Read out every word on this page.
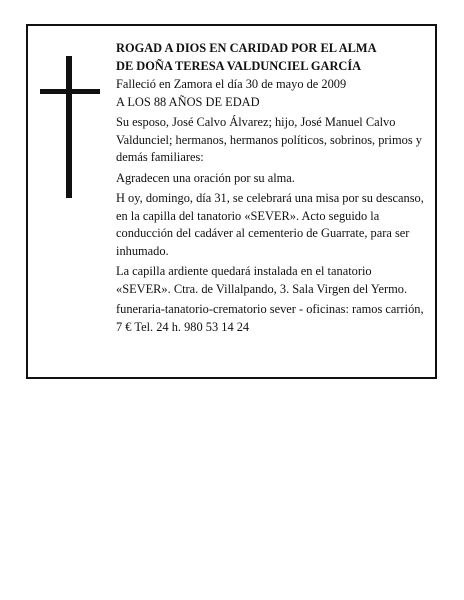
ROGAD A DIOS EN CARIDAD POR EL ALMA

DE DOÑA TERESA VALDUNCIEL GARCÍA

Falleció en Zamora el día 30 de mayo de 2009

A LOS 88 AÑOS DE EDAD

Su esposo, José Calvo Álvarez; hijo, José Manuel Calvo Valdunciel; hermanos, hermanos políticos, sobrinos, primos y demás familiares:

Agradecen una oración por su alma.

H oy, domingo, día 31, se celebrará una misa por su descanso, en la capilla del tanatorio «SEVER». Acto seguido la conducción del cadáver al cementerio de Guarrate, para ser inhumado.

La capilla ardiente quedará instalada en el tanatorio «SEVER». Ctra. de Villalpando, 3. Sala Virgen del Yermo.

funeraria-tanatorio-crematorio sever - oficinas: ramos carrión, 7 € Tel. 24 h. 980 53 14 24
